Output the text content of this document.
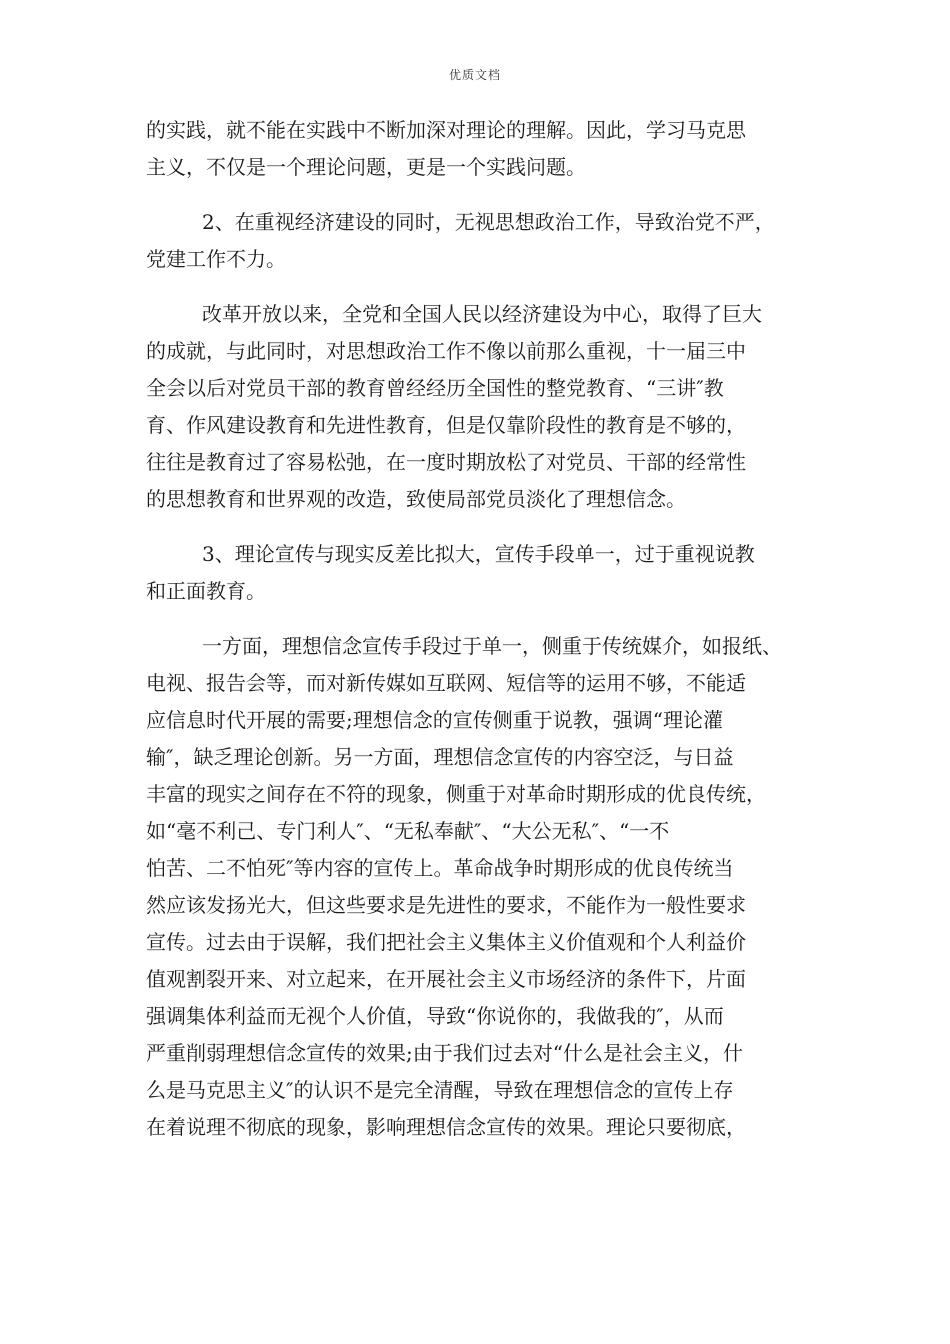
优质文档
的实践，就不能在实践中不断加深对理论的理解。因此，学习马克思
主义，不仅是一个理论问题，更是一个实践问题。
2、在重视经济建设的同时，无视思想政治工作，导致治党不严，
党建工作不力。
改革开放以来，全党和全国人民以经济建设为中心，取得了巨大
的成就，与此同时，对思想政治工作不像以前那么重视，十一届三中
全会以后对党员干部的教育曾经经历全国性的整党教育、“三讲″教
育、作风建设教育和先进性教育，但是仅靠阶段性的教育是不够的，
往往是教育过了容易松弛，在一度时期放松了对党员、干部的经常性
的思想教育和世界观的改造，致使局部党员淡化了理想信念。
3、理论宣传与现实反差比拟大，宣传手段单一，过于重视说教
和正面教育。
一方面，理想信念宣传手段过于单一，侧重于传统媒介，如报纸、
电视、报告会等，而对新传媒如互联网、短信等的运用不够，不能适
应信息时代开展的需要;理想信念的宣传侧重于说教，强调“理论灌
输″，缺乏理论创新。另一方面，理想信念宣传的内容空泛，与日益
丰富的现实之间存在不符的现象，侧重于对革命时期形成的优良传统，
如“毫不利己、专门利人″、“无私奉献″、“大公无私″、“一不
怕苦、二不怕死″等内容的宣传上。革命战争时期形成的优良传统当
然应该发扬光大，但这些要求是先进性的要求，不能作为一般性要求
宣传。过去由于误解，我们把社会主义集体主义价值观和个人利益价
值观割裂开来、对立起来，在开展社会主义市场经济的条件下，片面
强调集体利益而无视个人价值，导致“你说你的，我做我的″，从而
严重削弱理想信念宣传的效果;由于我们过去对“什么是社会主义，什
么是马克思主义″的认识不是完全清醒，导致在理想信念的宣传上存
在着说理不彻底的现象，影响理想信念宣传的效果。理论只要彻底，
